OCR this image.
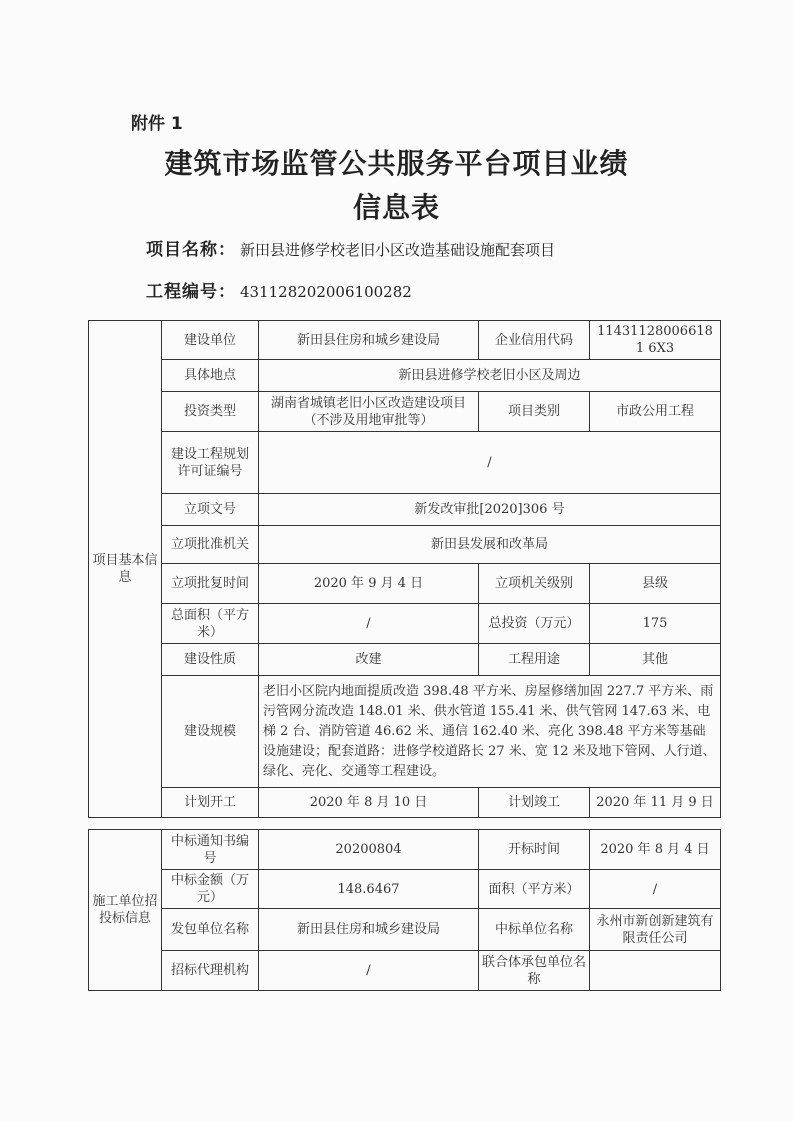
附件 1
建筑市场监管公共服务平台项目业绩
信息表
项目名称： 新田县进修学校老旧小区改造基础设施配套项目
工程编号： 431128202006100282
项目基本信息	建设单位	新田县住房和城乡建设局	企业信用代码	114311280066181 6X3
	具体地点	新田县进修学校老旧小区及周边		
	投资类型	湖南省城镇老旧小区改造建设项目（不涉及用地审批等）	项目类别	市政公用工程
	建设工程规划许可证编号	/		
	立项文号	新发改审批[2020]306 号		
	立项批准机关	新田县发展和改革局		
	立项批复时间	2020 年 9 月 4 日	立项机关级别	县级
	总面积（平方米）	/	总投资（万元）	175
	建设性质	改建	工程用途	其他
	建设规模	老旧小区院内地面提质改造 398.48 平方米、房屋修缮加固 227.7 平方米、雨污管网分流改造 148.01 米、供水管道 155.41 米、供气管网 147.63 米、电梯 2 台、消防管道 46.62 米、通信 162.40 米、亮化 398.48 平方米等基础设施建设；配套道路：进修学校道路长 27 米、宽 12 米及地下管网、人行道、绿化、亮化、交通等工程建设。		
	计划开工	2020 年 8 月 10 日	计划竣工	2020 年 11 月 9 日
施工单位招投标信息	中标通知书编号	20200804	开标时间	2020 年 8 月 4 日
	中标金额（万元）	148.6467	面积（平方米）	/
	发包单位名称	新田县住房和城乡建设局	中标单位名称	永州市新创新建筑有限责任公司
	招标代理机构	/	联合体承包单位名称	
